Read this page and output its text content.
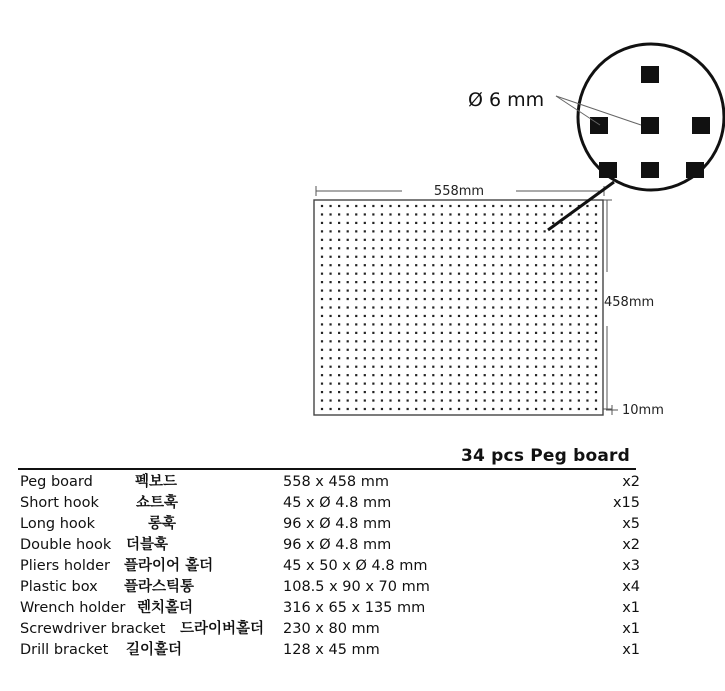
558mm
458mm
10mm
Ø 6 mm
34 pcs Peg board
Peg board	펙보드	558 x 458 mm	x2
Short hook	쇼트훅	45 x Ø 4.8 mm	x15
Long hook	롱훅	96 x Ø 4.8 mm	x5
Double hook 더블훅	96 x Ø 4.8 mm	x2
Pliers holder 플라이어 홀더	45 x 50 x Ø 4.8 mm	x3
Plastic box 플라스틱통	108.5 x 90 x 70 mm	x4
Wrench holder 렌치홀더	316 x 65 x 135 mm	x1
Screwdriver bracket 드라이버홀더 230 x 80 mm	x1
Drill bracket 길이홀더	128 x 45 mm	x1
